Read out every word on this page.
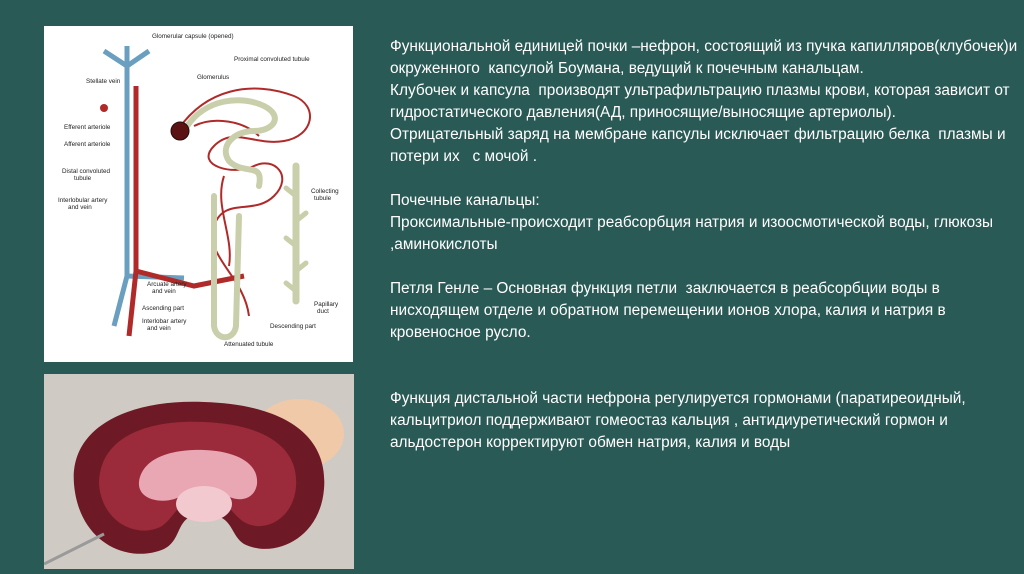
Glomerular capsule (opened)
Proximal convoluted tubule
Stellate vein
Glomerulus
Efferent arteriole
Afferent arteriole
Distal convoluted
tubule
Interlobular artery
and vein
Collecting
tubule
Arcuate artery
and vein
Ascending part
Interlobar artery
and vein
Papillary
duct
Descending part
Attenuated tubule

Функциональной единицей почки –нефрон, состоящий из пучка капилляров(клубочек)и окруженного  капсулой Боумана, ведущий к почечным канальцам.

Клубочек и капсула  производят ультрафильтрацию плазмы крови, которая зависит от гидростатического давления(АД, приносящие/выносящие артериолы).

Отрицательный заряд на мембране капсулы исключает фильтрацию белка  плазмы и потери их   с мочой .

Почечные канальцы:

Проксимальные-происходит реабсорбция натрия и изоосмотической воды, глюкозы ,аминокислоты

Петля Генле – Основная функция петли  заключается в реабсорбции воды в нисходящем отделе и обратном перемещении ионов хлора, калия и натрия в кровеносное русло.

Функция дистальной части нефрона регулируется гормонами (паратиреоидный, кальцитриол поддерживают гомеостаз кальция , антидиуретический гормон и альдостерон корректируют обмен натрия, калия и воды
